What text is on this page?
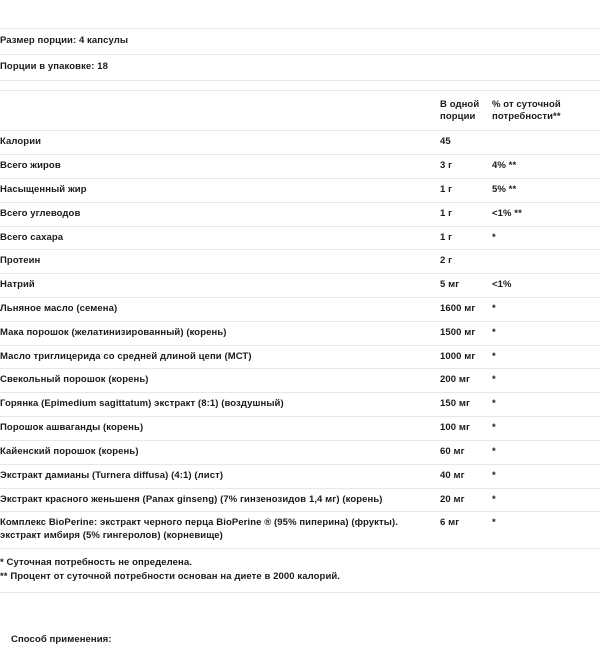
Размер порции: 4 капсулы		
Порции в упаковке: 18		

	В одной порции	% от суточной потребности**
Калории	45	
Всего жиров	3 г	4% **
Насыщенный жир	1 г	5% **
Всего углеводов	1 г	<1% **
Всего сахара	1 г	*
Протеин	2 г	
Натрий	5 мг	<1%
Льняное масло (семена)	1600 мг	*
Мака порошок (желатинизированный) (корень)	1500 мг	*
Масло триглицерида со средней длиной цепи (МСТ)	1000 мг	*
Свекольный порошок (корень)	200 мг	*
Горянка (Epimedium sagittatum) экстракт (8:1) (воздушный)	150 мг	*
Порошок ашваганды (корень)	100 мг	*
Кайенский порошок (корень)	60 мг	*
Экстракт дамианы (Turnera diffusa) (4:1) (лист)	40 мг	*
Экстракт красного женьшеня (Panax ginseng) (7% гинзенозидов 1,4 мг) (корень)	20 мг	*
Комплекс BioPerine: экстракт черного перца BioPerine ® (95% пиперина) (фрукты). экстракт имбиря (5% гингеролов) (корневище)	6 мг	*

* Суточная потребность не определена.
** Процент от суточной потребности основан на диете в 2000 калорий.		
Способ применения:
